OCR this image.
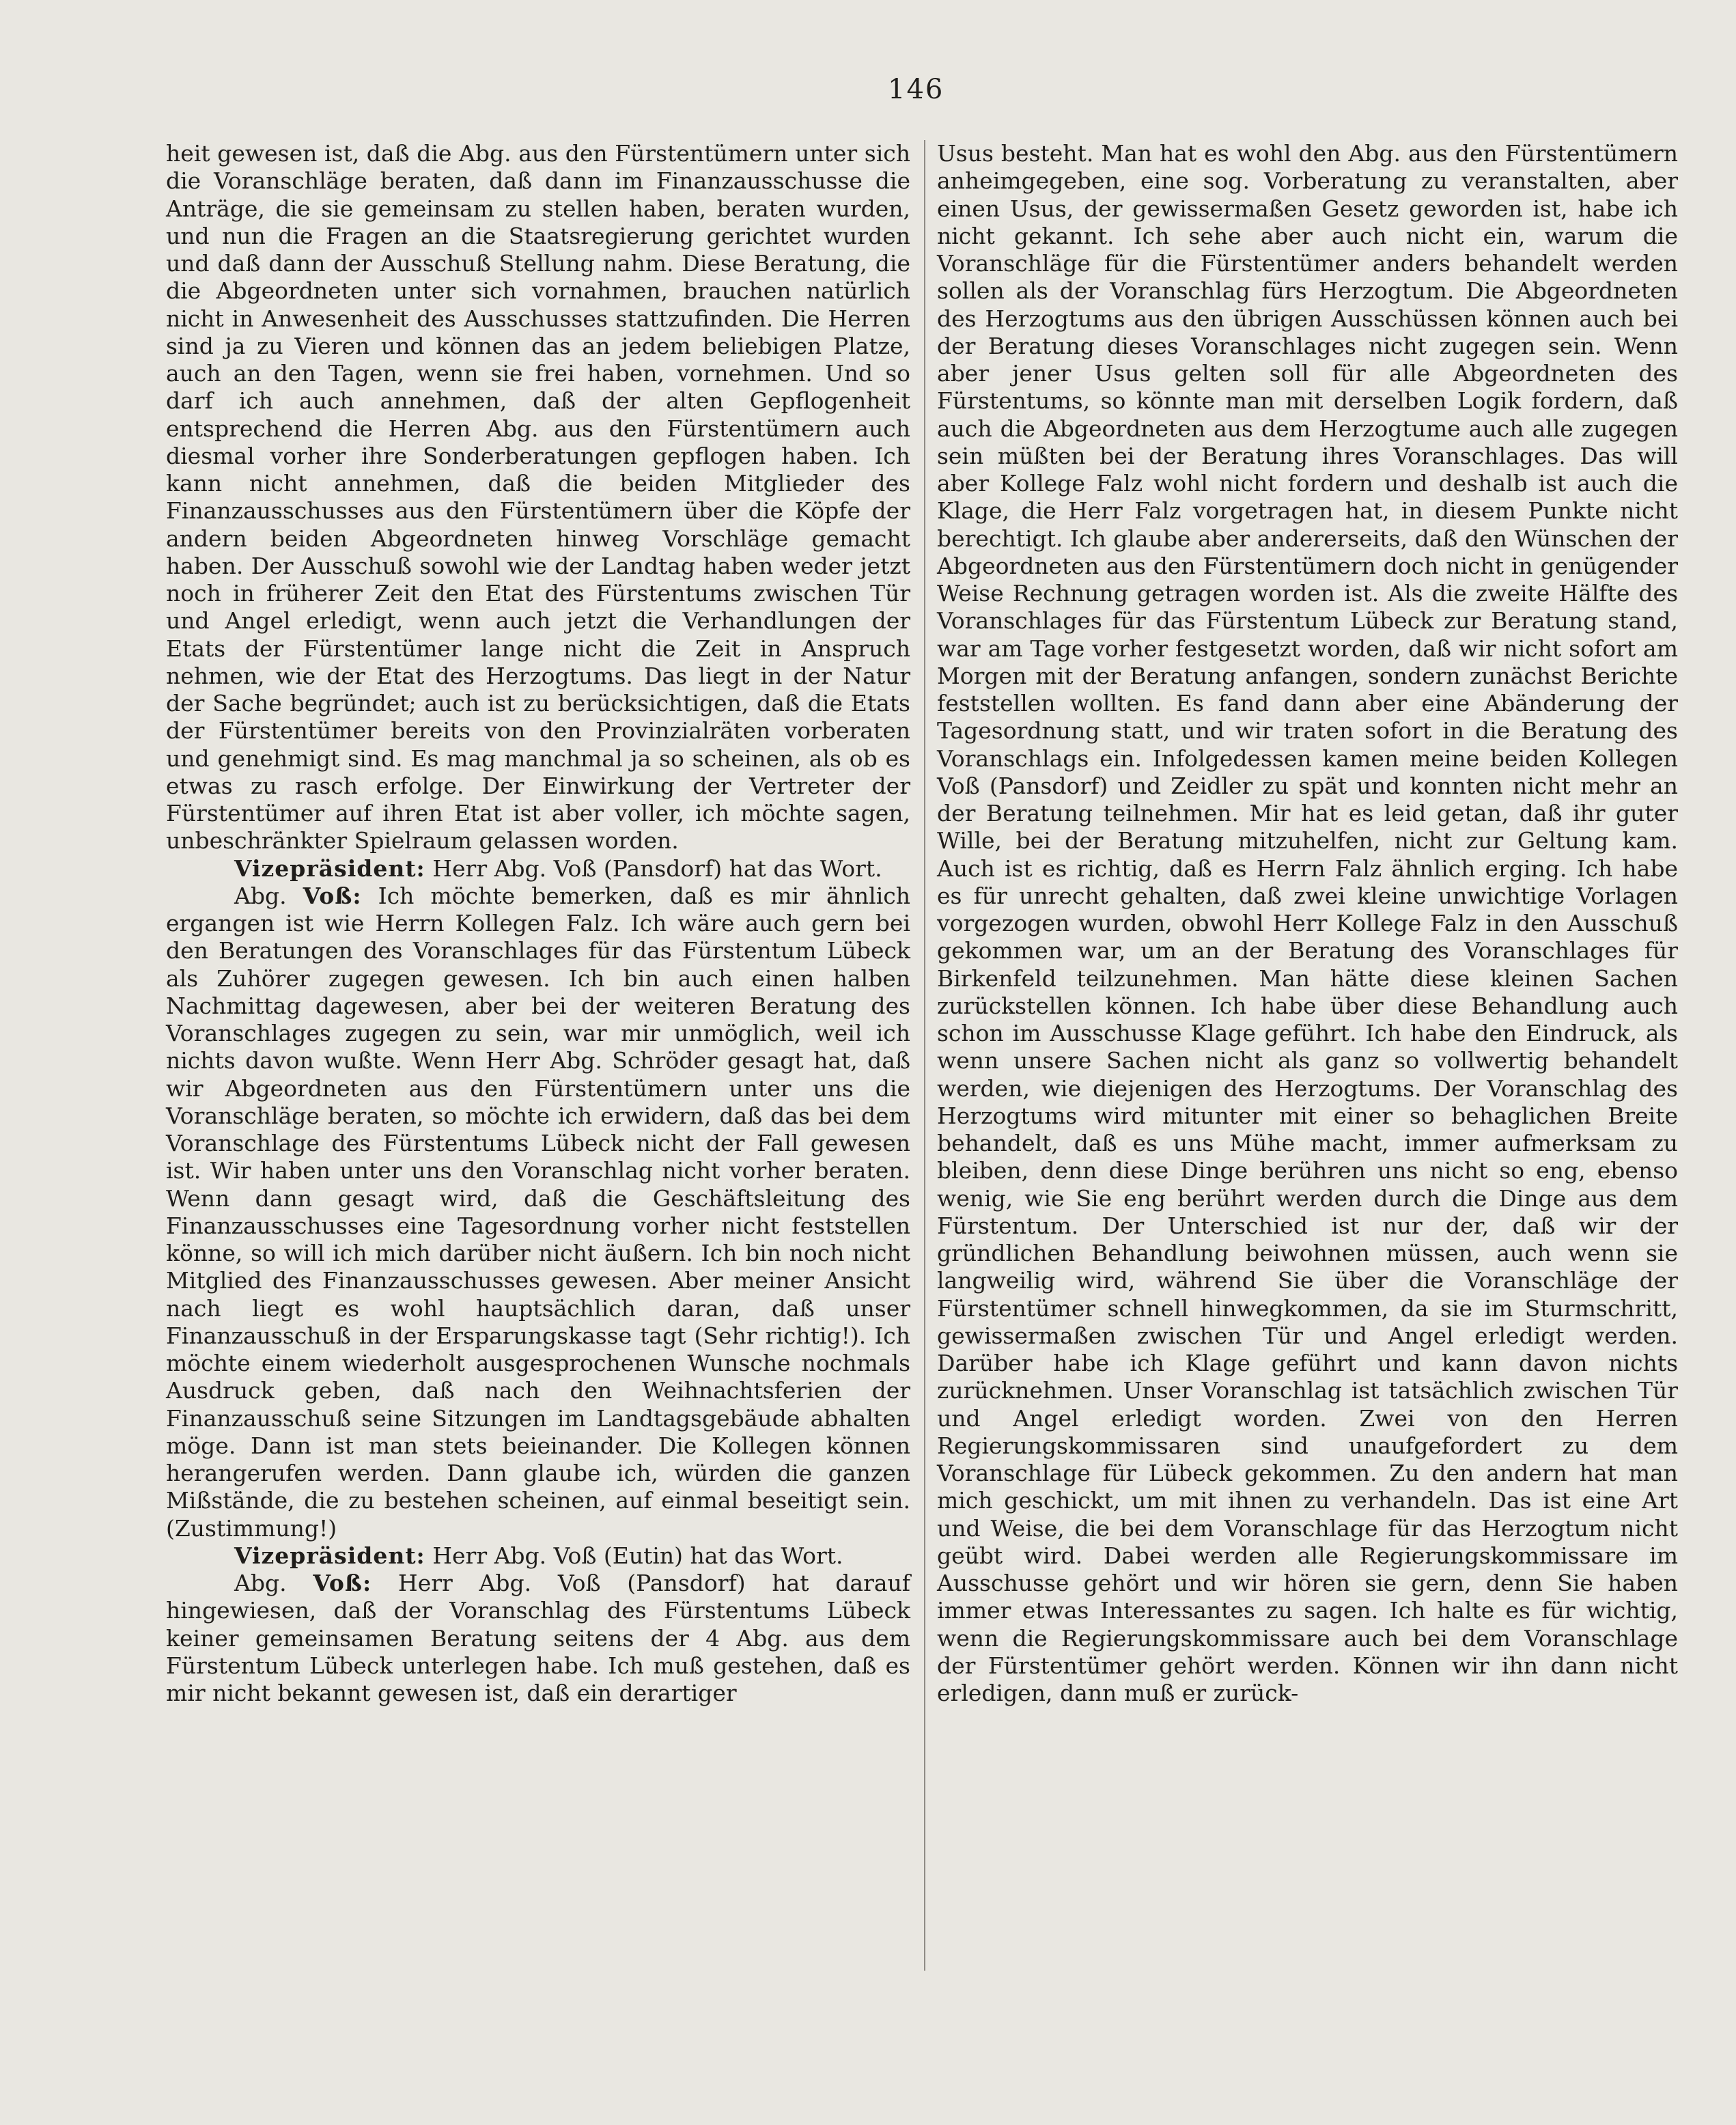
146

heit gewesen ist, daß die Abg. aus den Fürstentümern unter sich die Voranschläge beraten, daß dann im Finanzausschusse die Anträge, die sie gemeinsam zu stellen haben, beraten wurden, und nun die Fragen an die Staatsregierung gerichtet wurden und daß dann der Ausschuß Stellung nahm. Diese Beratung, die die Abgeordneten unter sich vornahmen, brauchen natürlich nicht in Anwesenheit des Ausschusses stattzufinden. Die Herren sind ja zu Vieren und können das an jedem beliebigen Platze, auch an den Tagen, wenn sie frei haben, vornehmen. Und so darf ich auch annehmen, daß der alten Gepflogenheit entsprechend die Herren Abg. aus den Fürstentümern auch diesmal vorher ihre Sonderberatungen gepflogen haben. Ich kann nicht annehmen, daß die beiden Mitglieder des Finanzausschusses aus den Fürstentümern über die Köpfe der andern beiden Abgeordneten hinweg Vorschläge gemacht haben. Der Ausschuß sowohl wie der Landtag haben weder jetzt noch in früherer Zeit den Etat des Fürstentums zwischen Tür und Angel erledigt, wenn auch jetzt die Verhandlungen der Etats der Fürstentümer lange nicht die Zeit in Anspruch nehmen, wie der Etat des Herzogtums. Das liegt in der Natur der Sache begründet; auch ist zu berücksichtigen, daß die Etats der Fürstentümer bereits von den Provinzialräten vorberaten und genehmigt sind. Es mag manchmal ja so scheinen, als ob es etwas zu rasch erfolge. Der Einwirkung der Vertreter der Fürstentümer auf ihren Etat ist aber voller, ich möchte sagen, unbeschränkter Spielraum gelassen worden.

Vizepräsident: Herr Abg. Voß (Pansdorf) hat das Wort.

Abg. Voß: Ich möchte bemerken, daß es mir ähnlich ergangen ist wie Herrn Kollegen Falz. Ich wäre auch gern bei den Beratungen des Voranschlages für das Fürstentum Lübeck als Zuhörer zugegen gewesen. Ich bin auch einen halben Nachmittag dagewesen, aber bei der weiteren Beratung des Voranschlages zugegen zu sein, war mir unmöglich, weil ich nichts davon wußte. Wenn Herr Abg. Schröder gesagt hat, daß wir Abgeordneten aus den Fürstentümern unter uns die Voranschläge beraten, so möchte ich erwidern, daß das bei dem Voranschlage des Fürstentums Lübeck nicht der Fall gewesen ist. Wir haben unter uns den Voranschlag nicht vorher beraten. Wenn dann gesagt wird, daß die Geschäftsleitung des Finanzausschusses eine Tagesordnung vorher nicht feststellen könne, so will ich mich darüber nicht äußern. Ich bin noch nicht Mitglied des Finanzausschusses gewesen. Aber meiner Ansicht nach liegt es wohl hauptsächlich daran, daß unser Finanzausschuß in der Ersparungskasse tagt (Sehr richtig!). Ich möchte einem wiederholt ausgesprochenen Wunsche nochmals Ausdruck geben, daß nach den Weihnachtsferien der Finanzausschuß seine Sitzungen im Landtagsgebäude abhalten möge. Dann ist man stets beieinander. Die Kollegen können herangerufen werden. Dann glaube ich, würden die ganzen Mißstände, die zu bestehen scheinen, auf einmal beseitigt sein. (Zustimmung!)

Vizepräsident: Herr Abg. Voß (Eutin) hat das Wort.

Abg. Voß: Herr Abg. Voß (Pansdorf) hat darauf hingewiesen, daß der Voranschlag des Fürstentums Lübeck keiner gemeinsamen Beratung seitens der 4 Abg. aus dem Fürstentum Lübeck unterlegen habe. Ich muß gestehen, daß es mir nicht bekannt gewesen ist, daß ein derartiger

Usus besteht. Man hat es wohl den Abg. aus den Fürstentümern anheimgegeben, eine sog. Vorberatung zu veranstalten, aber einen Usus, der gewissermaßen Gesetz geworden ist, habe ich nicht gekannt. Ich sehe aber auch nicht ein, warum die Voranschläge für die Fürstentümer anders behandelt werden sollen als der Voranschlag fürs Herzogtum. Die Abgeordneten des Herzogtums aus den übrigen Ausschüssen können auch bei der Beratung dieses Voranschlages nicht zugegen sein. Wenn aber jener Usus gelten soll für alle Abgeordneten des Fürstentums, so könnte man mit derselben Logik fordern, daß auch die Abgeordneten aus dem Herzogtume auch alle zugegen sein müßten bei der Beratung ihres Voranschlages. Das will aber Kollege Falz wohl nicht fordern und deshalb ist auch die Klage, die Herr Falz vorgetragen hat, in diesem Punkte nicht berechtigt. Ich glaube aber andererseits, daß den Wünschen der Abgeordneten aus den Fürstentümern doch nicht in genügender Weise Rechnung getragen worden ist. Als die zweite Hälfte des Voranschlages für das Fürstentum Lübeck zur Beratung stand, war am Tage vorher festgesetzt worden, daß wir nicht sofort am Morgen mit der Beratung anfangen, sondern zunächst Berichte feststellen wollten. Es fand dann aber eine Abänderung der Tagesordnung statt, und wir traten sofort in die Beratung des Voranschlags ein. Infolgedessen kamen meine beiden Kollegen Voß (Pansdorf) und Zeidler zu spät und konnten nicht mehr an der Beratung teilnehmen. Mir hat es leid getan, daß ihr guter Wille, bei der Beratung mitzuhelfen, nicht zur Geltung kam. Auch ist es richtig, daß es Herrn Falz ähnlich erging. Ich habe es für unrecht gehalten, daß zwei kleine unwichtige Vorlagen vorgezogen wurden, obwohl Herr Kollege Falz in den Ausschuß gekommen war, um an der Beratung des Voranschlages für Birkenfeld teilzunehmen. Man hätte diese kleinen Sachen zurückstellen können. Ich habe über diese Behandlung auch schon im Ausschusse Klage geführt. Ich habe den Eindruck, als wenn unsere Sachen nicht als ganz so vollwertig behandelt werden, wie diejenigen des Herzogtums. Der Voranschlag des Herzogtums wird mitunter mit einer so behaglichen Breite behandelt, daß es uns Mühe macht, immer aufmerksam zu bleiben, denn diese Dinge berühren uns nicht so eng, ebenso wenig, wie Sie eng berührt werden durch die Dinge aus dem Fürstentum. Der Unterschied ist nur der, daß wir der gründlichen Behandlung beiwohnen müssen, auch wenn sie langweilig wird, während Sie über die Voranschläge der Fürstentümer schnell hinwegkommen, da sie im Sturmschritt, gewissermaßen zwischen Tür und Angel erledigt werden. Darüber habe ich Klage geführt und kann davon nichts zurücknehmen. Unser Voranschlag ist tatsächlich zwischen Tür und Angel erledigt worden. Zwei von den Herren Regierungskommissaren sind unaufgefordert zu dem Voranschlage für Lübeck gekommen. Zu den andern hat man mich geschickt, um mit ihnen zu verhandeln. Das ist eine Art und Weise, die bei dem Voranschlage für das Herzogtum nicht geübt wird. Dabei werden alle Regierungskommissare im Ausschusse gehört und wir hören sie gern, denn Sie haben immer etwas Interessantes zu sagen. Ich halte es für wichtig, wenn die Regierungskommissare auch bei dem Voranschlage der Fürstentümer gehört werden. Können wir ihn dann nicht erledigen, dann muß er zurück-
